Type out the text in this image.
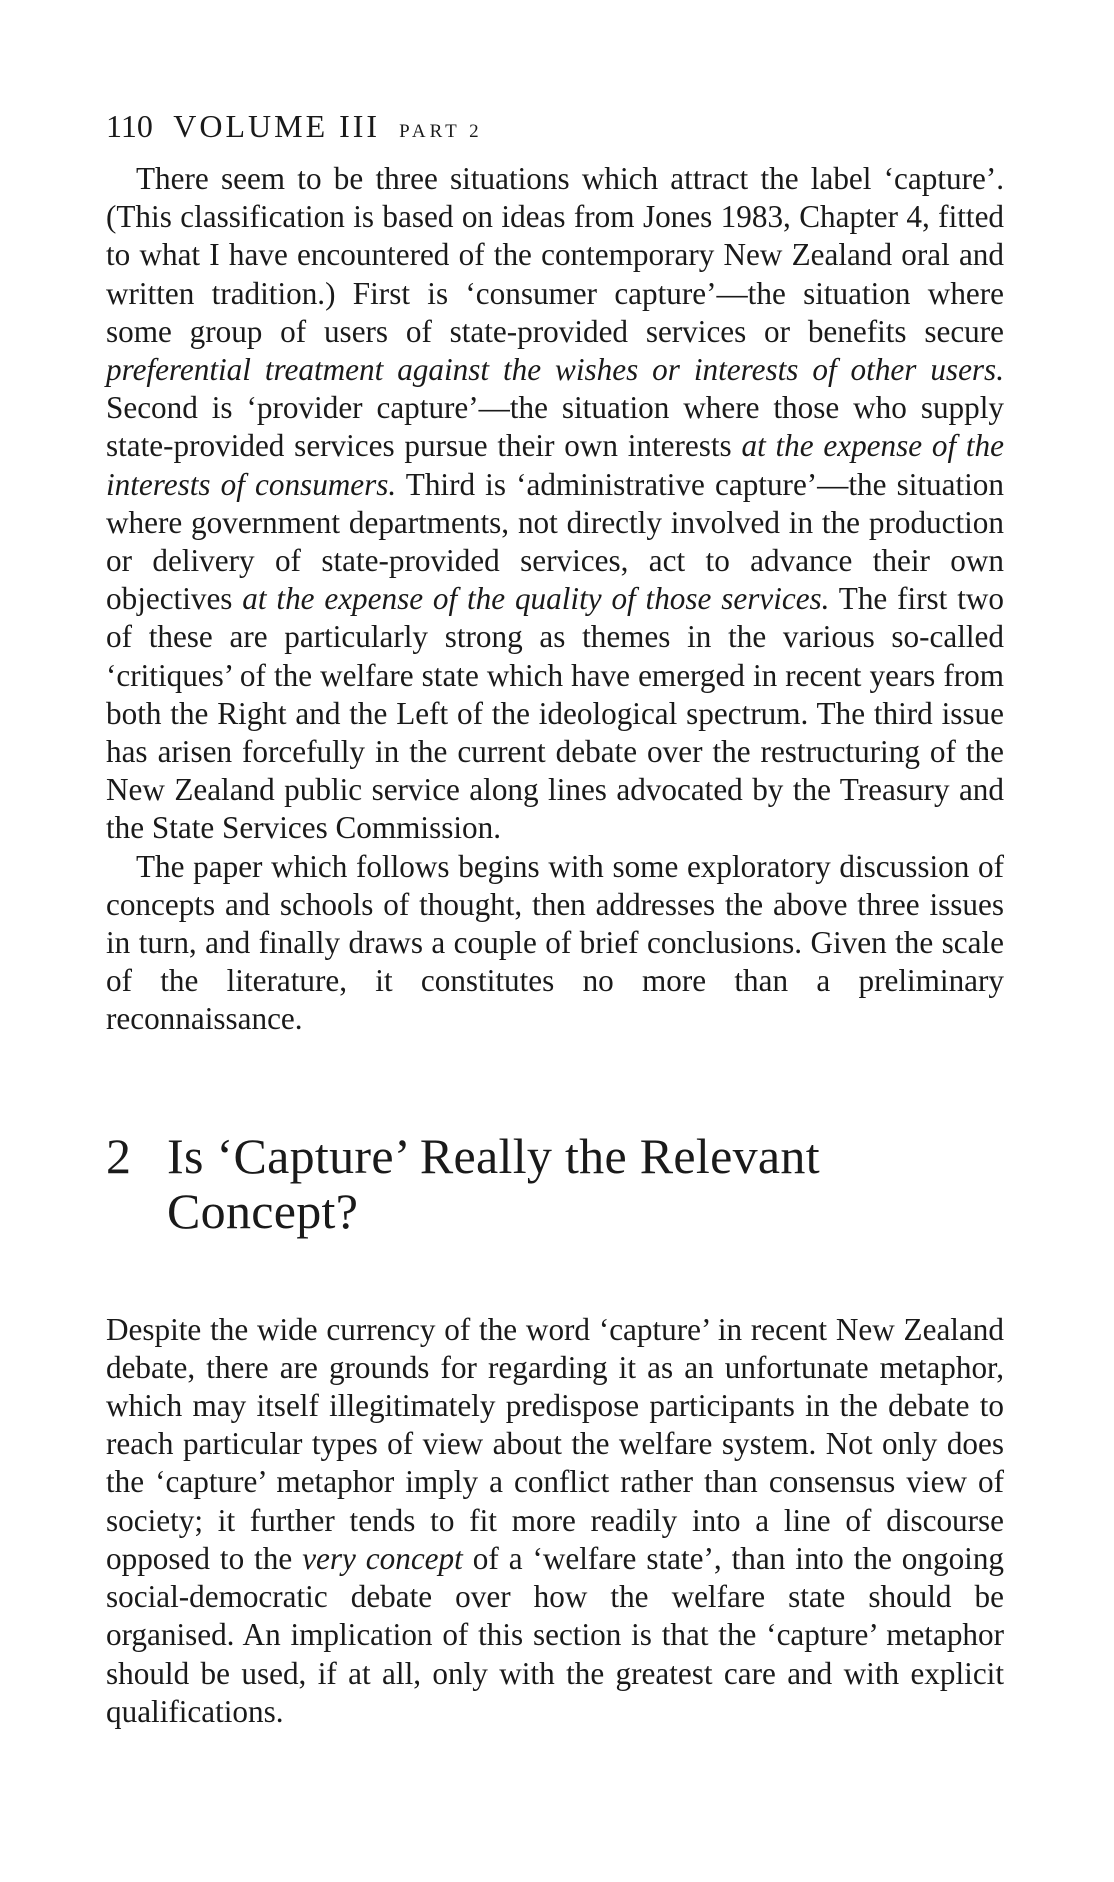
110 VOLUME III PART 2

There seem to be three situations which attract the label ‘capture’. (This classification is based on ideas from Jones 1983, Chapter 4, fitted to what I have encountered of the contemporary New Zealand oral and written tradition.) First is ‘consumer capture’—the situation where some group of users of state-provided services or benefits secure preferential treatment against the wishes or interests of other users. Second is ‘provider capture’—the situation where those who supply state-provided services pursue their own interests at the expense of the interests of consumers. Third is ‘administrative capture’—the situation where government departments, not directly involved in the production or delivery of state-provided services, act to advance their own objectives at the expense of the quality of those services. The first two of these are particularly strong as themes in the various so-called ‘critiques’ of the welfare state which have emerged in recent years from both the Right and the Left of the ideological spectrum. The third issue has arisen forcefully in the current debate over the restructuring of the New Zealand public service along lines advocated by the Treasury and the State Services Commission.

The paper which follows begins with some exploratory discussion of concepts and schools of thought, then addresses the above three issues in turn, and finally draws a couple of brief conclusions. Given the scale of the literature, it constitutes no more than a preliminary reconnaissance.

2 Is ‘Capture’ Really the Relevant Concept?

Despite the wide currency of the word ‘capture’ in recent New Zealand debate, there are grounds for regarding it as an unfortunate metaphor, which may itself illegitimately predispose participants in the debate to reach particular types of view about the welfare system. Not only does the ‘capture’ metaphor imply a conflict rather than consensus view of society; it further tends to fit more readily into a line of discourse opposed to the very concept of a ‘welfare state’, than into the ongoing social-democratic debate over how the welfare state should be organised. An implication of this section is that the ‘capture’ metaphor should be used, if at all, only with the greatest care and with explicit qualifications.
